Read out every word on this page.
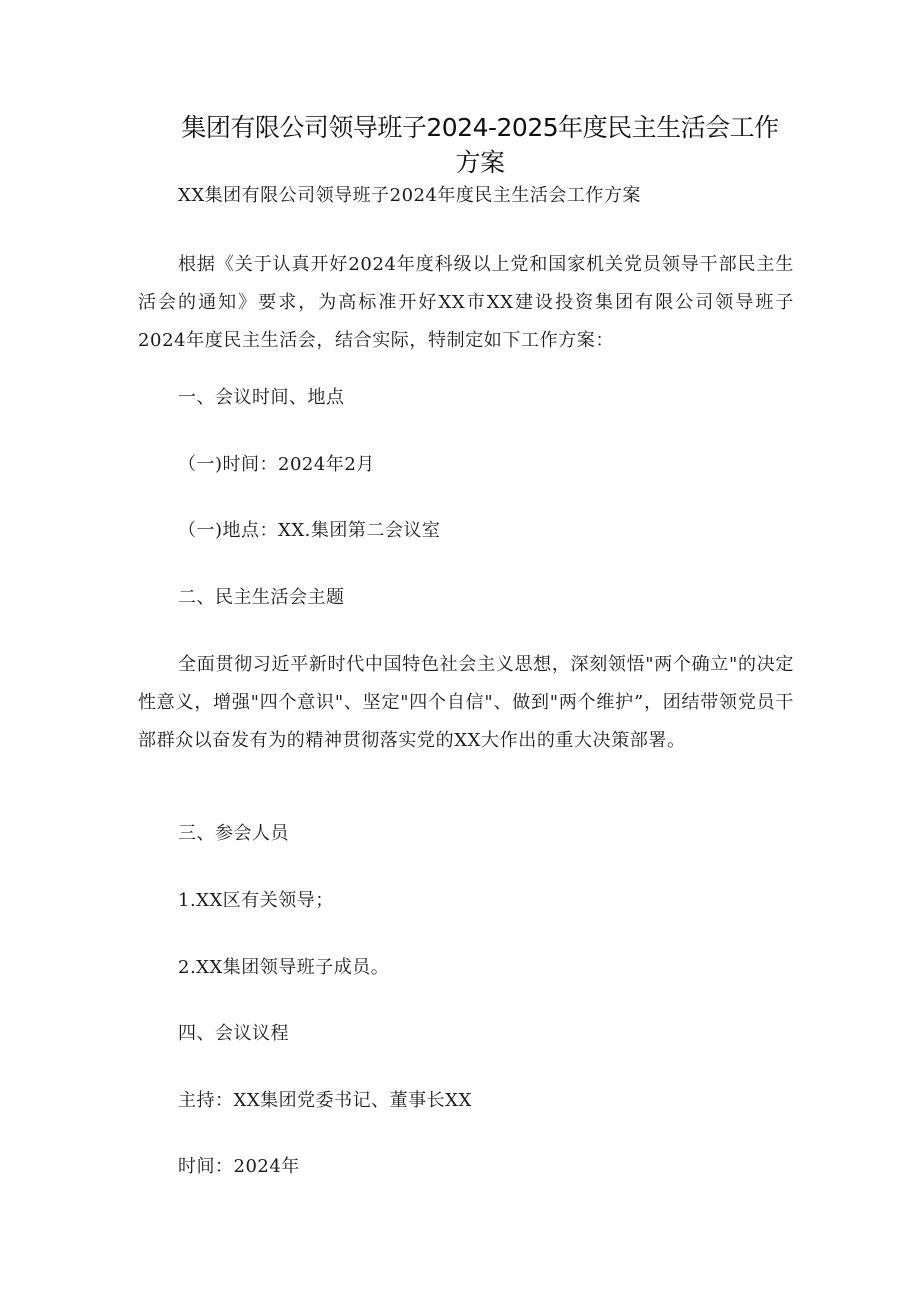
集团有限公司领导班子2024-2025年度民主生活会工作
方案
XX集团有限公司领导班子2024年度民主生活会工作方案
根据《关于认真开好2024年度科级以上党和国家机关党员领导干部民主生活会的通知》要求，为高标准开好XX市XX建设投资集团有限公司领导班子2024年度民主生活会，结合实际，特制定如下工作方案：
一、会议时间、地点
（一)时间：2024年2月
（一)地点：XX.集团第二会议室
二、民主生活会主题
全面贯彻习近平新时代中国特色社会主义思想，深刻领悟"两个确立"的决定性意义，增强"四个意识"、坚定"四个自信"、做到"两个维护”，团结带领党员干部群众以奋发有为的精神贯彻落实党的XX大作出的重大决策部署。
三、参会人员
1.XX区有关领导；
2.XX集团领导班子成员。
四、会议议程
主持：XX集团党委书记、董事长XX
时间：2024年
